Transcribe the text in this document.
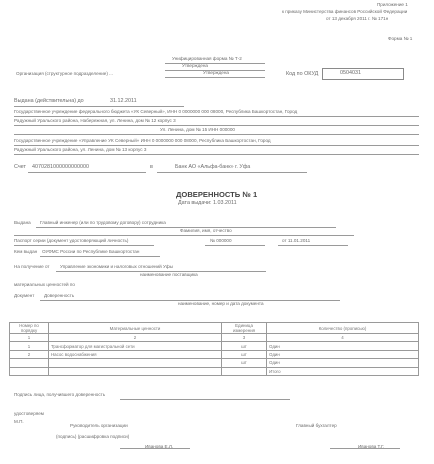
Приложение 1
к приказу Министерства финансов Российской Федерации
от 13 декабря 2011 г. № 171н
Форма № 1
Унифицированная форма № Т-2
Утверждена
Утверждена
Организация (структурное подразделение) ...	Код по ОКУД	0504031
Выдана (действительна) до	31.12.2011
Государственное учреждение федерального бюджета «УК Северный», ИНН 0 0000000 000 08000, Республика Башкортостан, Город
Радужный Уральского района, Набережная, ул. Ленина, дом № 12 корпус 3
Ул. Ленина, дом № 15 ИНН 000000
Государственное учреждение «Управление УК Северный» ИНН 0 0000000 000 08000, Республика Башкортостан, Город
Радужный Уральского района, ул. Ленина, дом № 13 корпус 3
Счет 4070281000000000000	в	Банк АО «Альфа-банк» г. Уфа
ДОВЕРЕННОСТЬ № 1
Дата выдачи: 1.03.2011
Выдана Главный инженер (или по трудовому договору) сотрудника
Фамилия, имя, отчество
Паспорт серии (документ удостоверяющий личность)	№ 000000	от 11.01.2011
Кем выдан ОУФМС России по Республике Башкортостан
На получение от Управление экономики и налоговых отношений Уфы
наименование поставщика
материальных ценностей по
Документ Доверенность
наименование, номер и дата документа
Номер по порядку	Материальные ценности	Единица измерения	Количество (прописью)
1	2	3	4
1	Трансформатор для магистральной сети	шт	Один
2	Насос водоснабжения	шт	Один
		шт	Один
			Итого
Подпись лица, получившего доверенность
удостоверяем
М.П.
Руководитель организации	Главный бухгалтер
(подпись) (расшифровка подписи)
Иванова Е.Л.	Иванова Т.Г.
